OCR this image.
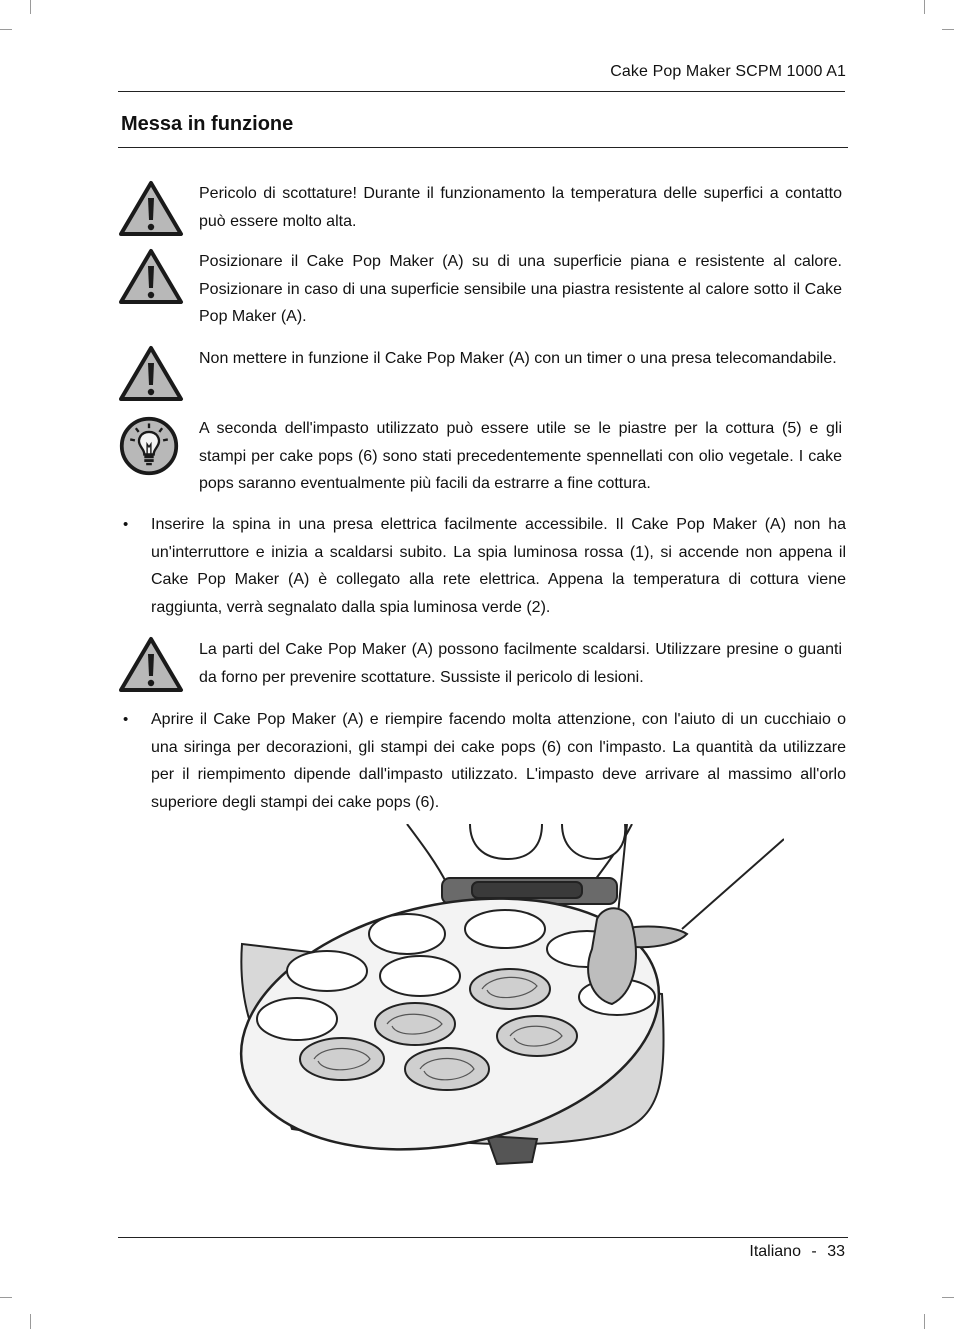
Cake Pop Maker SCPM 1000 A1
Messa in funzione

Pericolo di scottature! Durante il funzionamento la temperatura delle superfici a contatto può essere molto alta.

Posizionare il Cake Pop Maker (A) su di una superficie piana e resistente al calore. Posizionare in caso di una superficie sensibile una piastra resistente al calore sotto il Cake Pop Maker (A).

Non mettere in funzione il Cake Pop Maker (A) con un timer o una presa telecomandabile.

A seconda dell'impasto utilizzato può essere utile se le piastre per la cottura (5) e gli stampi per cake pops (6) sono stati precedentemente spennellati con olio vegetale. I cake pops saranno eventualmente più facili da estrarre a fine cottura.

•	Inserire la spina in una presa elettrica facilmente accessibile. Il Cake Pop Maker (A) non ha un'interruttore e inizia a scaldarsi subito. La spia luminosa rossa (1), si accende non appena il Cake Pop Maker (A) è collegato alla rete elettrica. Appena la temperatura di cottura viene raggiunta, verrà segnalato dalla spia luminosa verde (2).

La parti del Cake Pop Maker (A) possono facilmente scaldarsi. Utilizzare presine o guanti da forno per prevenire scottature. Sussiste il pericolo di lesioni.

•	Aprire il Cake Pop Maker (A) e riempire facendo molta attenzione, con l'aiuto di un cucchiaio o una siringa per decorazioni, gli stampi dei cake pops (6) con l'impasto. La quantità da utilizzare per il riempimento dipende dall'impasto utilizzato. L'impasto deve arrivare al massimo all'orlo superiore degli stampi dei cake pops (6).

Italiano - 33
